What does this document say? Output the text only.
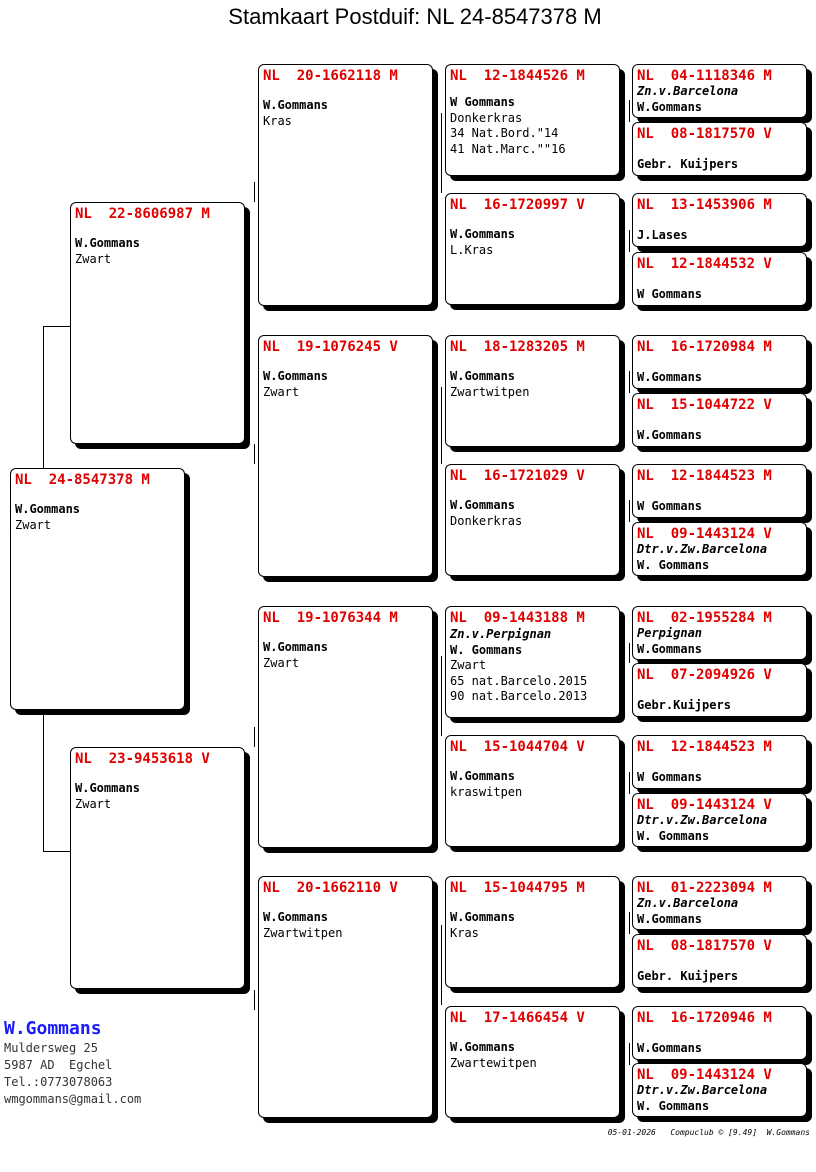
Stamkaart Postduif: NL 24-8547378 M
NL  24-8547378 M
W.Gommans
Zwart
NL  22-8606987 M
W.Gommans
Zwart
NL  23-9453618 V
W.Gommans
Zwart
NL  20-1662118 M
W.Gommans
Kras
NL  19-1076245 V
W.Gommans
Zwart
NL  19-1076344 M
W.Gommans
Zwart
NL  20-1662110 V
W.Gommans
Zwartwitpen
NL  12-1844526 M
W Gommans
Donkerkras
34 Nat.Bord."14
41 Nat.Marc.""16
NL  16-1720997 V
W.Gommans
L.Kras
NL  18-1283205 M
W.Gommans
Zwartwitpen
NL  16-1721029 V
W.Gommans
Donkerkras
NL  09-1443188 M
Zn.v.Perpignan
W. Gommans
Zwart
65 nat.Barcelo.2015
90 nat.Barcelo.2013
NL  15-1044704 V
W.Gommans
kraswitpen
NL  15-1044795 M
W.Gommans
Kras
NL  17-1466454 V
W.Gommans
Zwartewitpen
NL  04-1118346 M
Zn.v.Barcelona
W.Gommans
NL  08-1817570 V
Gebr. Kuijpers
NL  13-1453906 M
J.Lases
NL  12-1844532 V
W Gommans
NL  16-1720984 M
W.Gommans
NL  15-1044722 V
W.Gommans
NL  12-1844523 M
W Gommans
NL  09-1443124 V
Dtr.v.Zw.Barcelona
W. Gommans
NL  02-1955284 M
Perpignan
W.Gommans
NL  07-2094926 V
Gebr.Kuijpers
NL  12-1844523 M
W Gommans
NL  09-1443124 V
Dtr.v.Zw.Barcelona
W. Gommans
NL  01-2223094 M
Zn.v.Barcelona
W.Gommans
NL  08-1817570 V
Gebr. Kuijpers
NL  16-1720946 M
W.Gommans
NL  09-1443124 V
Dtr.v.Zw.Barcelona
W. Gommans
W.Gommans
Muldersweg 25
5987 AD  Egchel
Tel.:0773078063
wmgommans@gmail.com
05-01-2026   Compuclub © [9.49]  W.Gommans
